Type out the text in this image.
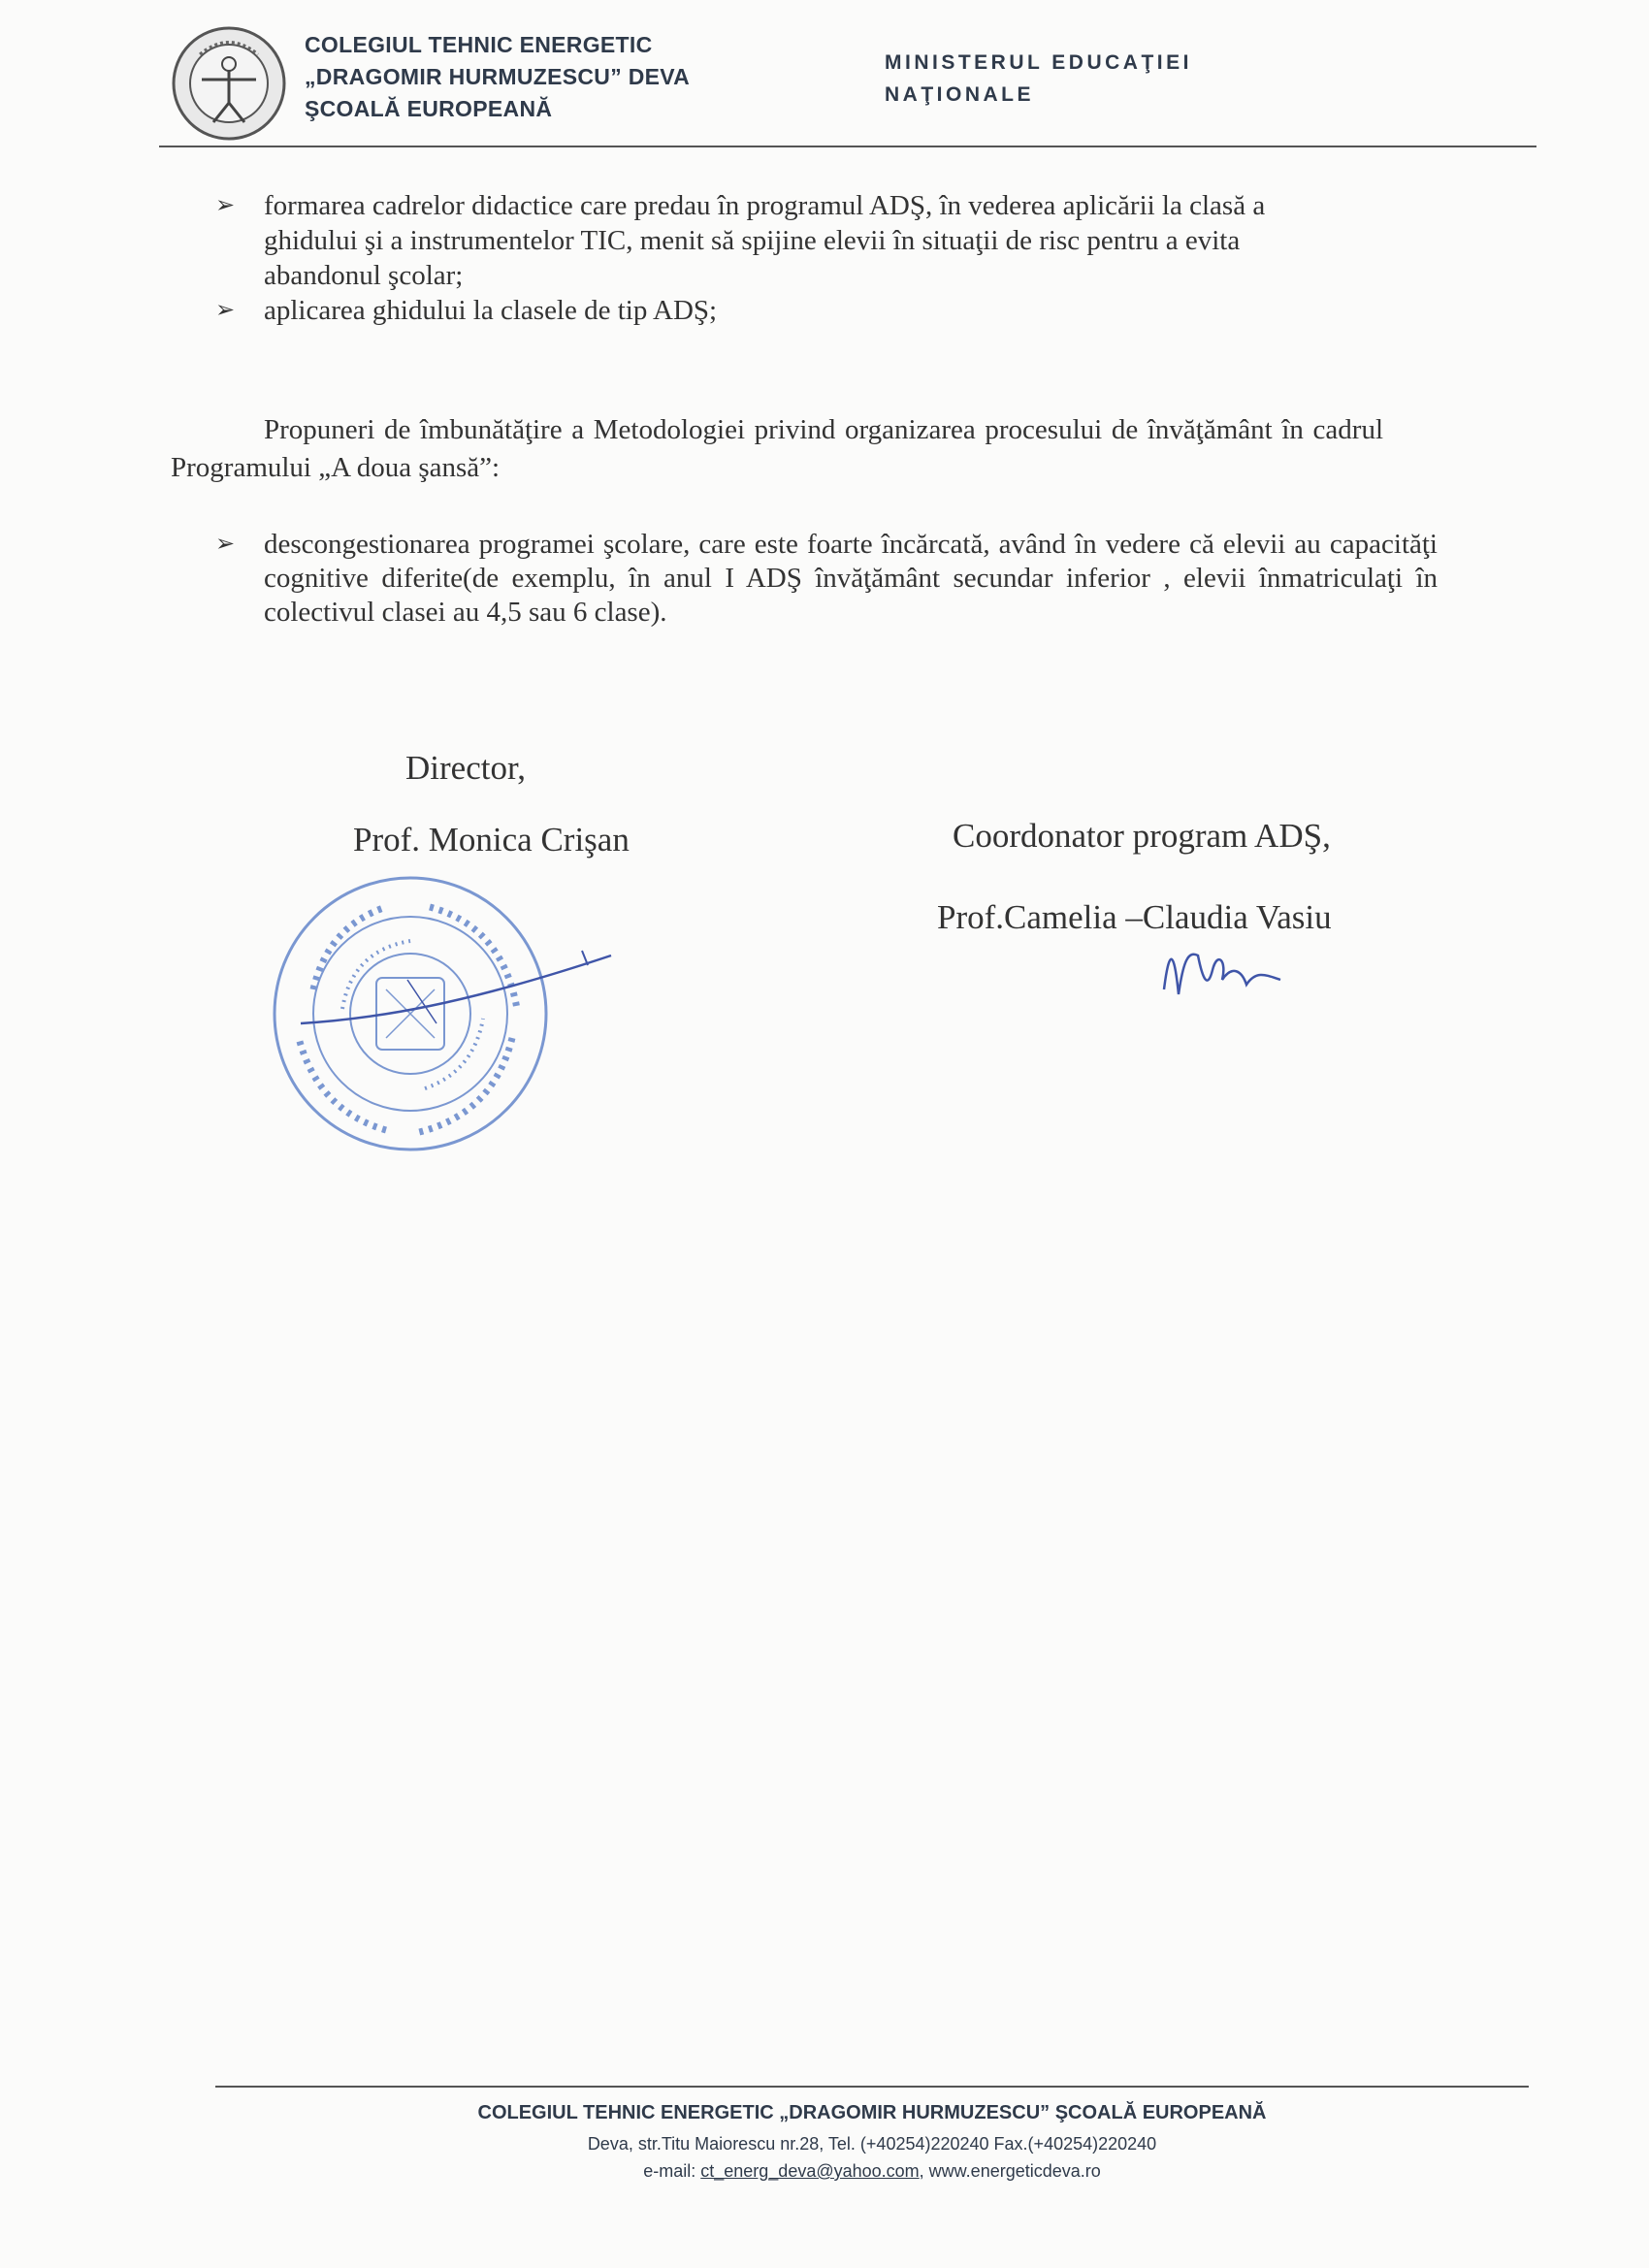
COLEGIUL TEHNIC ENERGETIC
„DRAGOMIR HURMUZESCU” DEVA
ŞCOALĂ EUROPEANĂ
MINISTERUL EDUCAŢIEI
NAŢIONALE
➢ formarea cadrelor didactice care predau în programul ADŞ, în vederea aplicării la clasă a ghidului şi a instrumentelor TIC, menit să spijine elevii în situaţii de risc pentru a evita abandonul şcolar;
➢ aplicarea ghidului la clasele de tip ADŞ;

Propuneri de îmbunătăţire a Metodologiei privind organizarea procesului de învăţământ în cadrul Programului „A doua şansă”:

➢ descongestionarea programei şcolare, care este foarte încărcată, având în vedere că elevii au capacităţi cognitive diferite(de exemplu, în anul I ADŞ învăţământ secundar inferior , elevii înmatriculaţi în colectivul clasei au 4,5 sau 6 clase).
Director,
Prof. Monica Crişan	Coordonator program ADŞ,
Prof.Camelia –Claudia Vasiu
COLEGIUL TEHNIC ENERGETIC „DRAGOMIR HURMUZESCU” ŞCOALĂ EUROPEANĂ
Deva, str.Titu Maiorescu nr.28, Tel. (+40254)220240 Fax.(+40254)220240
e-mail: ct_energ_deva@yahoo.com, www.energeticdeva.ro
